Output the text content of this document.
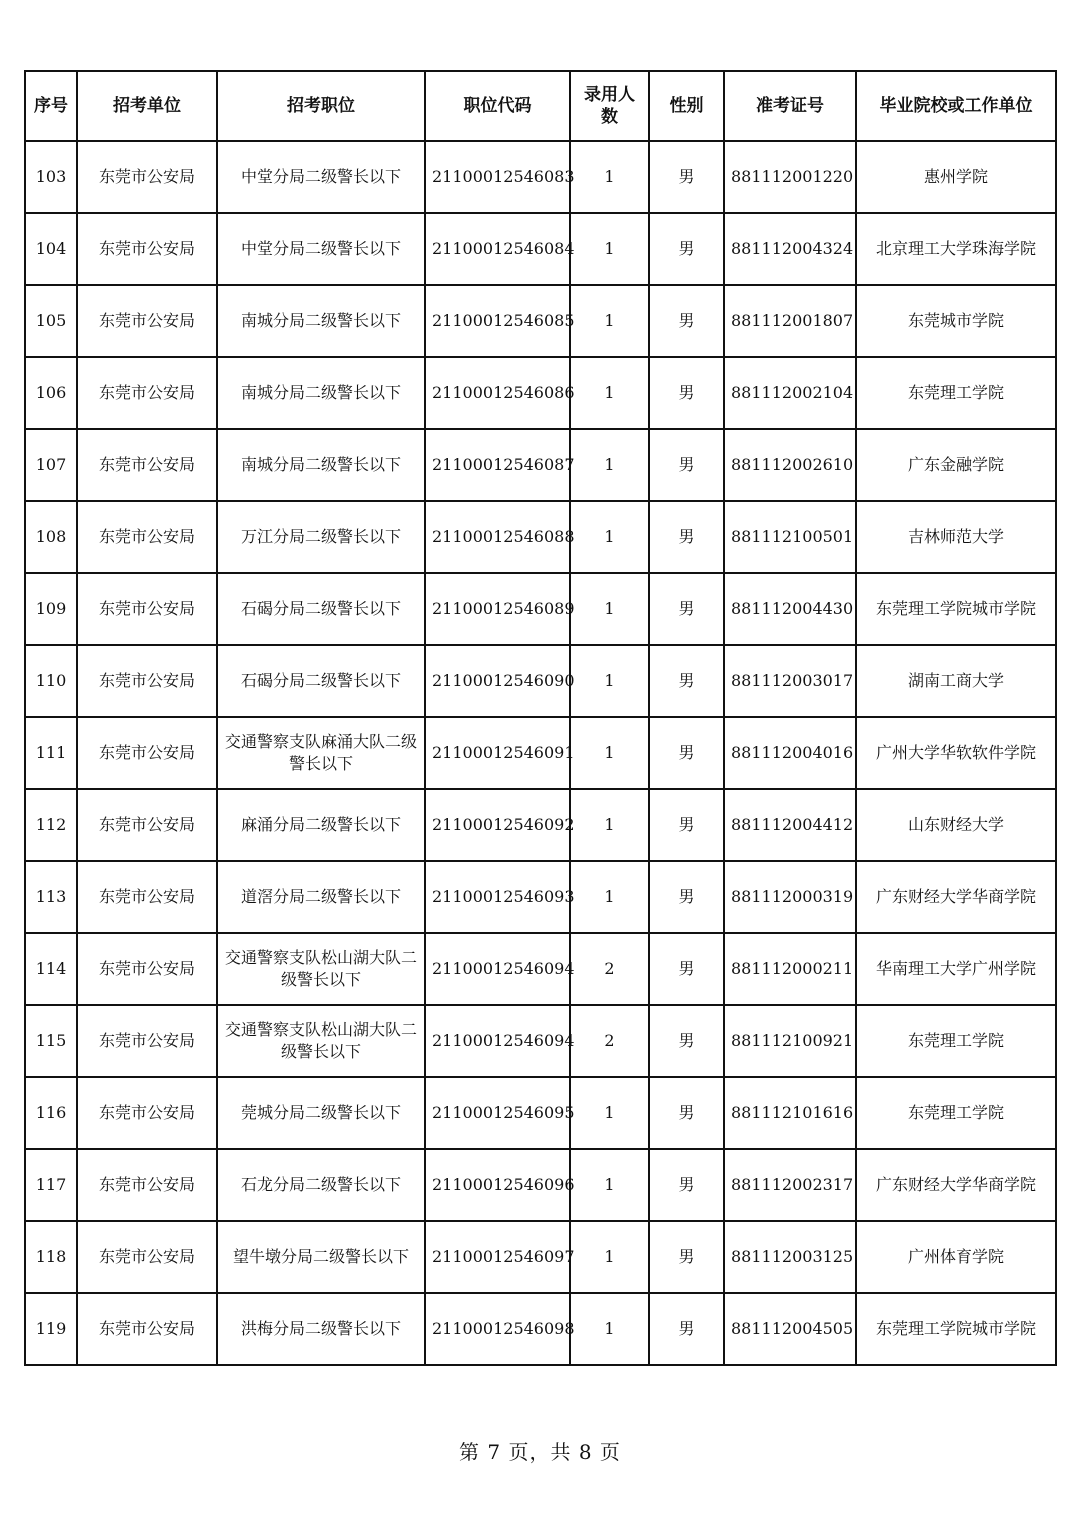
序号	招考单位	招考职位	职位代码	录用人数	性别	准考证号	毕业院校或工作单位
103	东莞市公安局	中堂分局二级警长以下	21100012546083	1	男	881112001220	惠州学院
104	东莞市公安局	中堂分局二级警长以下	21100012546084	1	男	881112004324	北京理工大学珠海学院
105	东莞市公安局	南城分局二级警长以下	21100012546085	1	男	881112001807	东莞城市学院
106	东莞市公安局	南城分局二级警长以下	21100012546086	1	男	881112002104	东莞理工学院
107	东莞市公安局	南城分局二级警长以下	21100012546087	1	男	881112002610	广东金融学院
108	东莞市公安局	万江分局二级警长以下	21100012546088	1	男	881112100501	吉林师范大学
109	东莞市公安局	石碣分局二级警长以下	21100012546089	1	男	881112004430	东莞理工学院城市学院
110	东莞市公安局	石碣分局二级警长以下	21100012546090	1	男	881112003017	湖南工商大学
111	东莞市公安局	交通警察支队麻涌大队二级警长以下	21100012546091	1	男	881112004016	广州大学华软软件学院
112	东莞市公安局	麻涌分局二级警长以下	21100012546092	1	男	881112004412	山东财经大学
113	东莞市公安局	道滘分局二级警长以下	21100012546093	1	男	881112000319	广东财经大学华商学院
114	东莞市公安局	交通警察支队松山湖大队二级警长以下	21100012546094	2	男	881112000211	华南理工大学广州学院
115	东莞市公安局	交通警察支队松山湖大队二级警长以下	21100012546094	2	男	881112100921	东莞理工学院
116	东莞市公安局	莞城分局二级警长以下	21100012546095	1	男	881112101616	东莞理工学院
117	东莞市公安局	石龙分局二级警长以下	21100012546096	1	男	881112002317	广东财经大学华商学院
118	东莞市公安局	望牛墩分局二级警长以下	21100012546097	1	男	881112003125	广州体育学院
119	东莞市公安局	洪梅分局二级警长以下	21100012546098	1	男	881112004505	东莞理工学院城市学院
第 7 页，共 8 页
